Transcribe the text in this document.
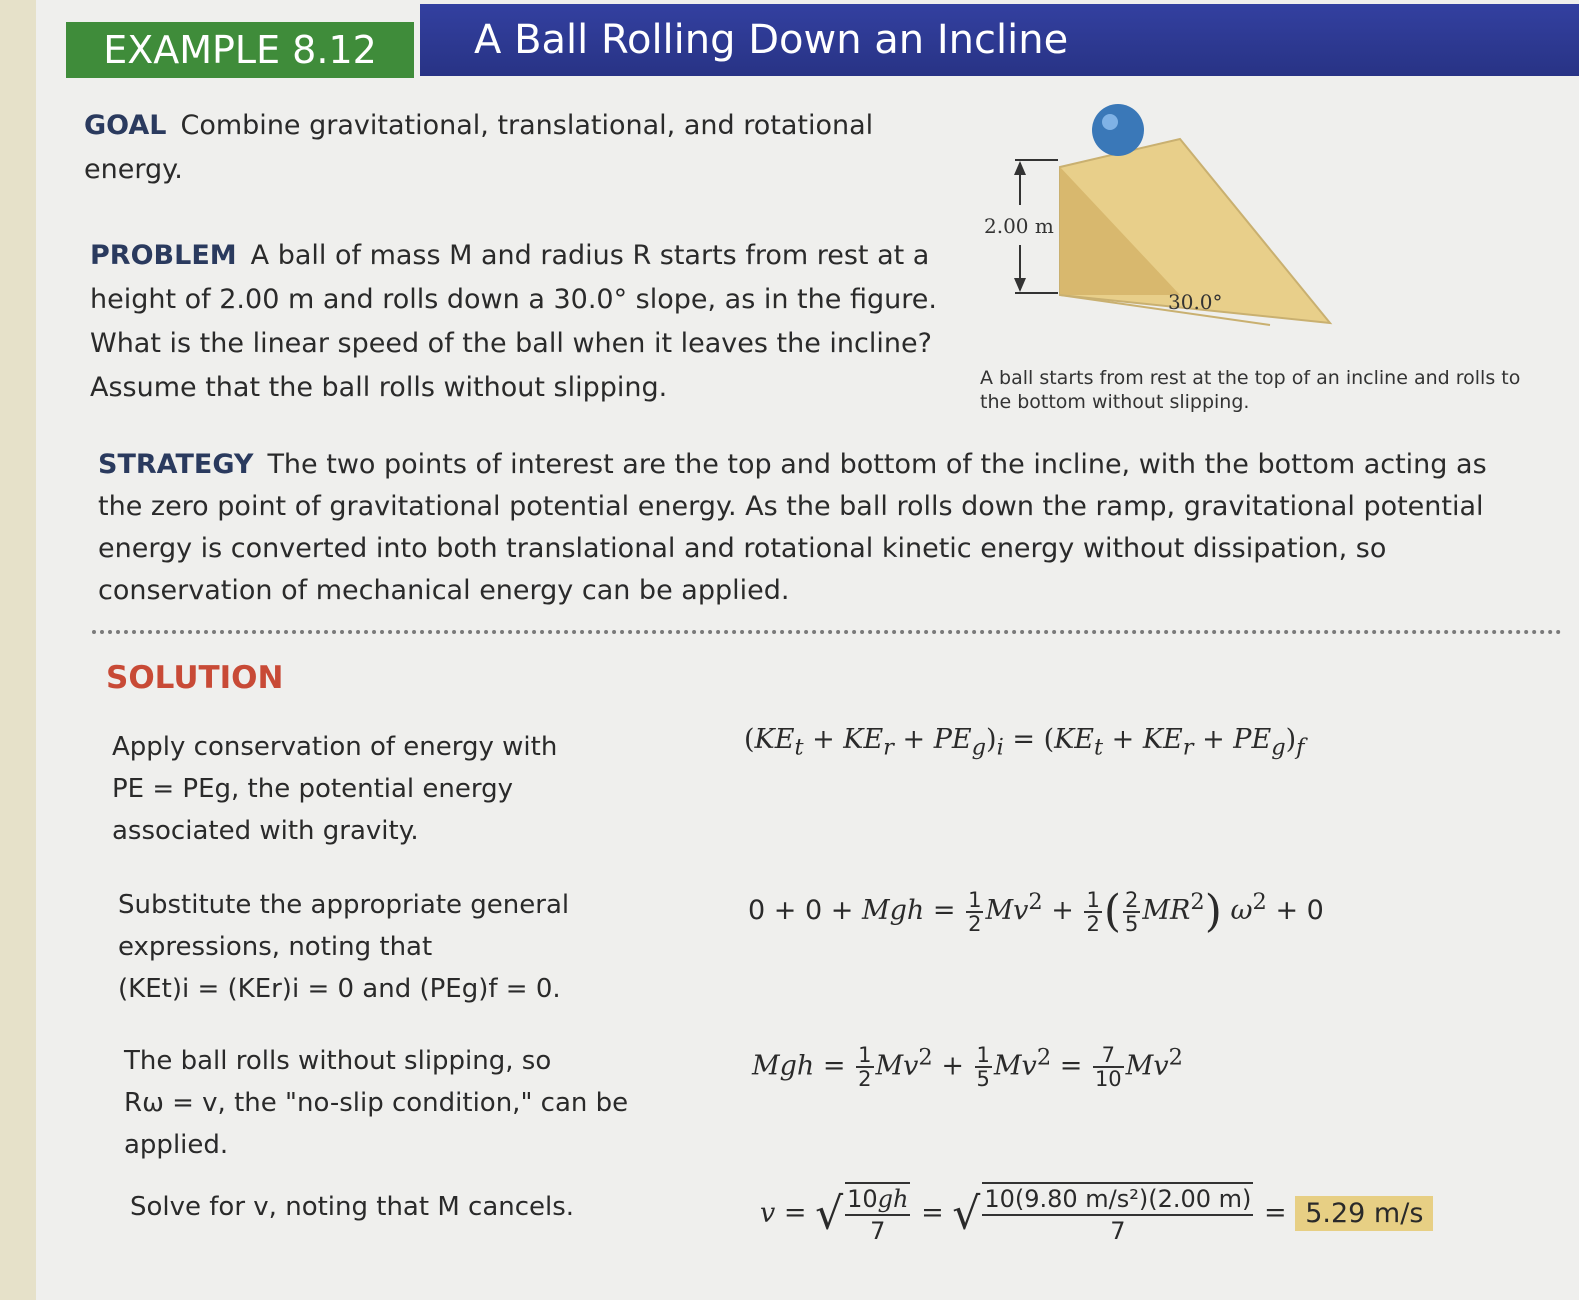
EXAMPLE 8.12 A Ball Rolling Down an Incline
GOAL Combine gravitational, translational, and rotational energy.
PROBLEM A ball of mass M and radius R starts from rest at a height of 2.00 m and rolls down a 30.0° slope, as in the figure. What is the linear speed of the ball when it leaves the incline? Assume that the ball rolls without slipping.
2.00 m
30.0°
A ball starts from rest at the top of an incline and rolls to the bottom without slipping.
STRATEGY The two points of interest are the top and bottom of the incline, with the bottom acting as the zero point of gravitational potential energy. As the ball rolls down the ramp, gravitational potential energy is converted into both translational and rotational kinetic energy without dissipation, so conservation of mechanical energy can be applied.
SOLUTION
Apply conservation of energy with
PE = PEg, the potential energy
associated with gravity.
$(KE_t + KE_r + PE_g)_i = (KE_t + KE_r + PE_g)_f$
Substitute the appropriate general
expressions, noting that
(KEt)i = (KEr)i = 0 and (PEg)f = 0.
0 + 0 + Mgh = $\frac{1}{2} Mv^2 + \frac{1}{2}$ ( $\frac{2}{5} MR^2$) $\omega^2 + 0$
The ball rolls without slipping, so
Rω = v, the "no-slip condition," can be
applied.
Mgh = $\frac{1}{2} Mv^2 + \frac{1}{5} Mv^2 = \frac{7}{10} Mv^2$
Solve for v, noting that M cancels.	v = √ $\frac{10gh}{7}$ = √ $\frac{\text{10(9.80 m/s²)(2.00 m)}}{7} = 5.29$ m/s
